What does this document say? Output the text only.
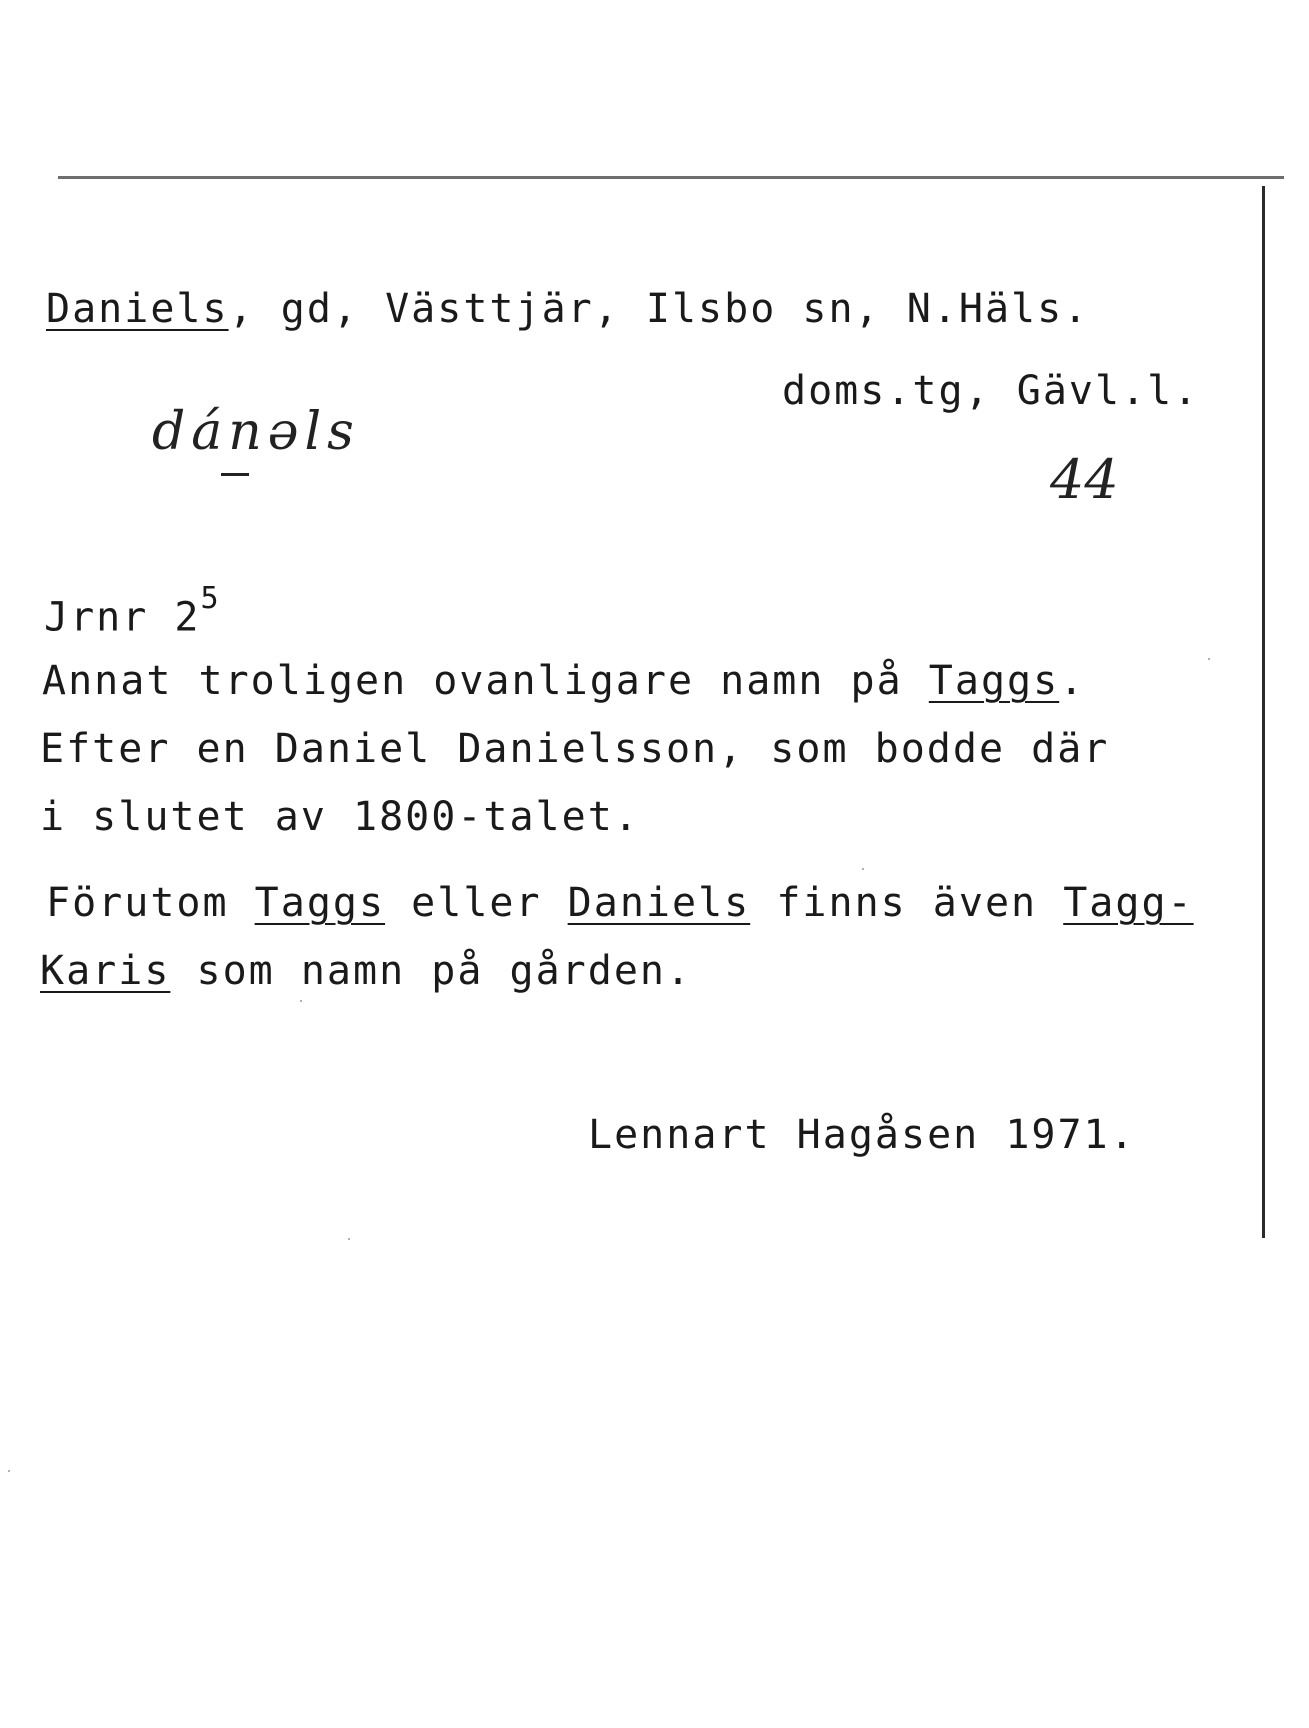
Daniels, gd, Västtjär, Ilsbo sn, N.Häls.
doms.tg, Gävl.l.
dánəls
44
Jrnr $2^5$
Annat troligen ovanligare namn på Taggs.
Efter en Daniel Danielsson, som bodde där
i slutet av 1800-talet.
Förutom Taggs eller Daniels finns även Tagg-
Karis som namn på gården.
Lennart Hagåsen 1971.
